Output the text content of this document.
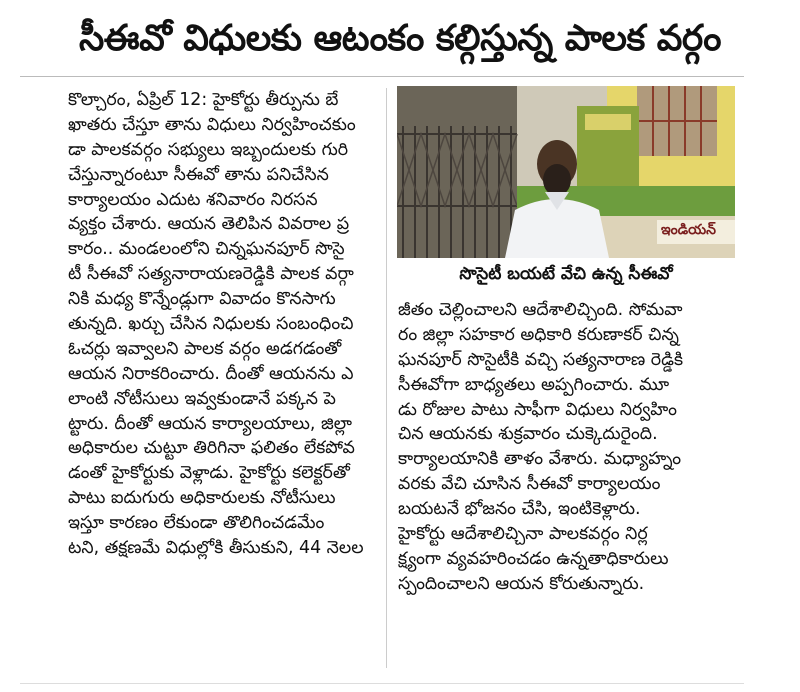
సీఈవో విధులకు ఆటంకం కల్గిస్తున్న పాలక వర్గం
కొల్చారం, ఏప్రిల్ 12: హైకోర్టు తీర్పును బే
ఖాతరు చేస్తూ తాను విధులు నిర్వహించకుం
డా పాలకవర్గం సభ్యులు ఇబ్బందులకు గురి
చేస్తున్నారంటూ సీఈవో తాను పనిచేసిన
కార్యాలయం ఎదుట శనివారం నిరసన
వ్యక్తం చేశారు. ఆయన తెలిపిన వివరాల ప్ర
కారం.. మండలంలోని చిన్నఘనపూర్ సొసై
టీ సీఈవో సత్యనారాయణరెడ్డికి పాలక వర్గా
నికి మధ్య కొన్నేండ్లుగా వివాదం కొనసాగు
తున్నది. ఖర్చు చేసిన నిధులకు సంబంధించి
ఓచర్లు ఇవ్వాలని పాలక వర్గం అడగడంతో
ఆయన నిరాకరించారు. దీంతో ఆయనను ఎ
లాంటి నోటీసులు ఇవ్వకుండానే పక్కన పె
ట్టారు. దీంతో ఆయన కార్యాలయాలు, జిల్లా
అధికారుల చుట్టూ తిరిగినా ఫలితం లేకపోవ
డంతో హైకోర్టుకు వెళ్లాడు. హైకోర్టు కలెక్టర్‌తో
పాటు ఐదుగురు అధికారులకు నోటీసులు
ఇస్తూ కారణం లేకుండా తొలిగించడమేం
టని, తక్షణమే విధుల్లోకి తీసుకుని, 44 నెలల
ఇండియన్
సొసైటీ బయటే వేచి ఉన్న సీఈవో
జీతం చెల్లించాలని ఆదేశాలిచ్చింది. సోమవా
రం జిల్లా సహకార అధికారి కరుణాకర్ చిన్న
ఘనపూర్ సొసైటీకి వచ్చి సత్యనారాణ రెడ్డికి
సీఈవోగా బాధ్యతలు అప్పగించారు. మూ
డు రోజుల పాటు సాఫీగా విధులు నిర్వహిం
చిన ఆయనకు శుక్రవారం చుక్కెదురైంది.
కార్యాలయానికి తాళం వేశారు. మధ్యాహ్నం
వరకు వేచి చూసిన సీఈవో కార్యాలయం
బయటనే భోజనం చేసి, ఇంటికెళ్లారు.
హైకోర్టు ఆదేశాలిచ్చినా పాలకవర్గం నిర్ల
క్ష్యంగా వ్యవహరించడం ఉన్నతాధికారులు
స్పందించాలని ఆయన కోరుతున్నారు.
